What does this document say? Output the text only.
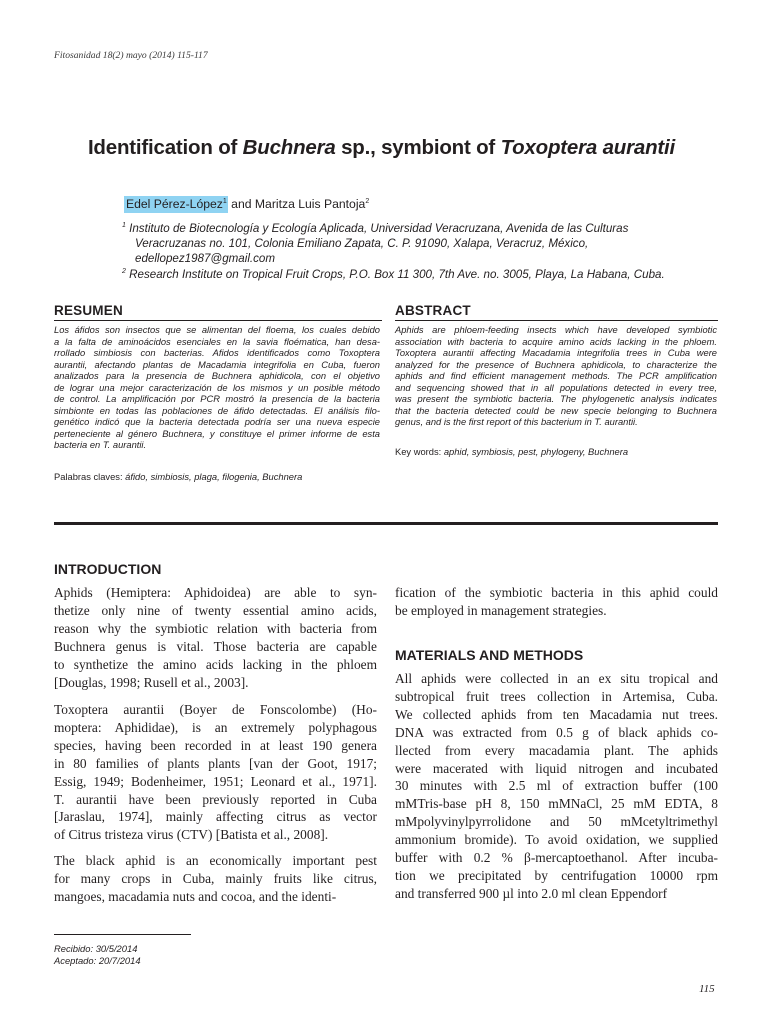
Fitosanidad 18(2) mayo (2014) 115-117
Identification of Buchnera sp., symbiont of Toxoptera aurantii
Edel Pérez-López$^1$ and Maritza Luis Pantoja$^2$
$^1$ Instituto de Biotecnología y Ecología Aplicada, Universidad Veracruzana, Avenida de las Culturas
Veracruzanas no. 101, Colonia Emiliano Zapata, C. P. 91090, Xalapa, Veracruz, México,
edellopez1987@gmail.com
$^2$ Research Institute on Tropical Fruit Crops, P.O. Box 11 300, 7th Ave. no. 3005, Playa, La Habana, Cuba.
RESUMEN
Los áfidos son insectos que se alimentan del floema, los cuales debido
a la falta de aminoácidos esenciales en la savia floématica, han desa-
rrollado simbiosis con bacterias. Afidos identificados como Toxoptera
aurantii, afectando plantas de Macadamia integrifolia en Cuba, fueron
analizados para la presencia de Buchnera aphidicola, con el objetivo
de lograr una mejor caracterización de los mismos y un posible método
de control. La amplificación por PCR mostró la presencia de la bacteria
simbionte en todas las poblaciones de áfido detectadas. El análisis filo-
genético indicó que la bacteria detectada podría ser una nueva especie
perteneciente al género Buchnera, y constituye el primer informe de esta
bacteria en T. aurantii.
Palabras claves: áfido, simbiosis, plaga, filogenia, Buchnera
ABSTRACT
Aphids are phloem-feeding insects which have developed symbiotic
association with bacteria to acquire amino acids lacking in the phloem.
Toxoptera aurantii affecting Macadamia integrifolia trees in Cuba were
analyzed for the presence of Buchnera aphidicola, to characterize the
aphids and find efficient management methods. The PCR amplification
and sequencing showed that in all populations detected in every tree,
was present the symbiotic bacteria. The phylogenetic analysis indicates
that the bacteria detected could be new specie belonging to Buchnera
genus, and is the first report of this bacterium in T. aurantii.
Key words: aphid, symbiosis, pest, phylogeny, Buchnera
INTRODUCTION
Aphids (Hemiptera: Aphidoidea) are able to syn-
thetize only nine of twenty essential amino acids,
reason why the symbiotic relation with bacteria from
Buchnera genus is vital. Those bacteria are capable
to synthetize the amino acids lacking in the phloem
[Douglas, 1998; Rusell et al., 2003].
Toxoptera aurantii (Boyer de Fonscolombe) (Ho-
moptera: Aphididae), is an extremely polyphagous
species, having been recorded in at least 190 genera
in 80 families of plants plants [van der Goot, 1917;
Essig, 1949; Bodenheimer, 1951; Leonard et al., 1971].
T. aurantii have been previously reported in Cuba
[Jaraslau, 1974], mainly affecting citrus as vector
of Citrus tristeza virus (CTV) [Batista et al., 2008].
The black aphid is an economically important pest
for many crops in Cuba, mainly fruits like citrus,
mangoes, macadamia nuts and cocoa, and the identi-
fication of the symbiotic bacteria in this aphid could
be employed in management strategies.
MATERIALS AND METHODS
All aphids were collected in an ex situ tropical and
subtropical fruit trees collection in Artemisa, Cuba.
We collected aphids from ten Macadamia nut trees.
DNA was extracted from 0.5 g of black aphids co-
llected from every macadamia plant. The aphids
were macerated with liquid nitrogen and incubated
30 minutes with 2.5 ml of extraction buffer (100
mMTris-base pH 8, 150 mMNaCl, 25 mM EDTA, 8
mMpolyvinylpyrrolidone and 50 mMcetyltrimethyl
ammonium bromide). To avoid oxidation, we supplied
buffer with 0.2 % β-mercaptoethanol. After incuba-
tion we precipitated by centrifugation 10000 rpm
and transferred 900 µl into 2.0 ml clean Eppendorf
Recibido: 30/5/2014
Aceptado: 20/7/2014
115
